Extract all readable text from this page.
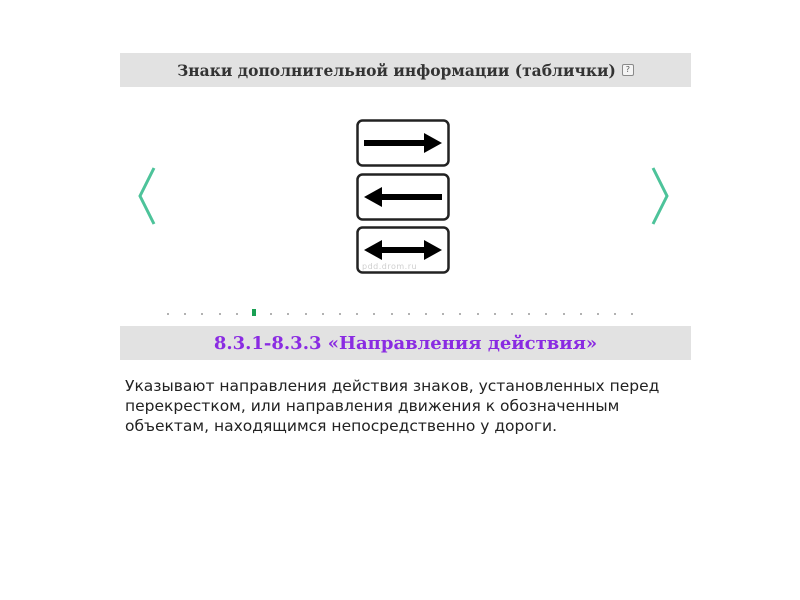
Знаки дополнительной информации (таблички)	?
pdd.drom.ru
8.3.1-8.3.3 «Направления действия»
Указывают направления действия знаков, установленных перед перекрестком, или направления движения к обозначенным объектам, находящимся непосредственно у дороги.
